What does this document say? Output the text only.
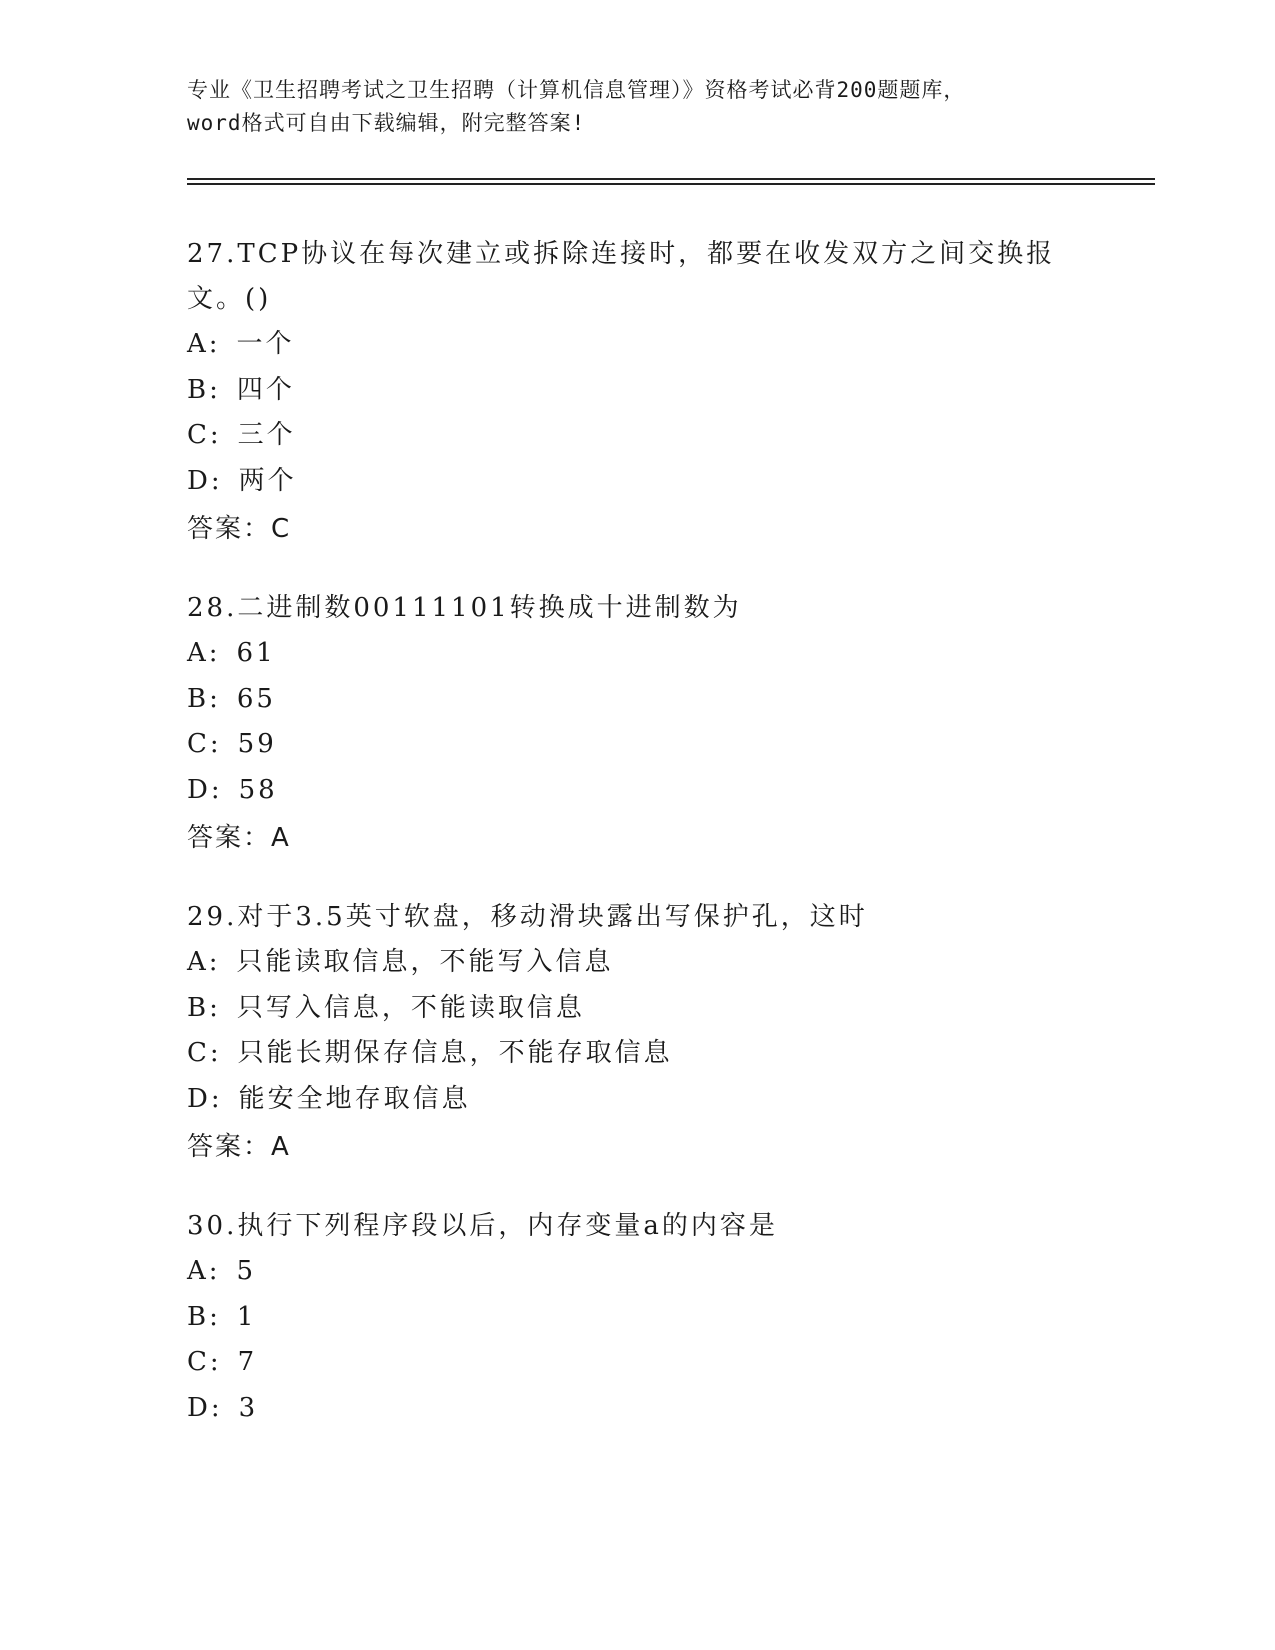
专业《卫生招聘考试之卫生招聘（计算机信息管理）》资格考试必背200题题库，
word格式可自由下载编辑，附完整答案!
27.TCP协议在每次建立或拆除连接时，都要在收发双方之间交换报文。()
A: 一个
B: 四个
C: 三个
D: 两个
答案：C
28.二进制数00111101转换成十进制数为
A: 61
B: 65
C: 59
D: 58
答案：A
29.对于3.5英寸软盘，移动滑块露出写保护孔，这时
A: 只能读取信息，不能写入信息
B: 只写入信息，不能读取信息
C: 只能长期保存信息，不能存取信息
D: 能安全地存取信息
答案：A
30.执行下列程序段以后，内存变量a的内容是
A: 5
B: 1
C: 7
D: 3
